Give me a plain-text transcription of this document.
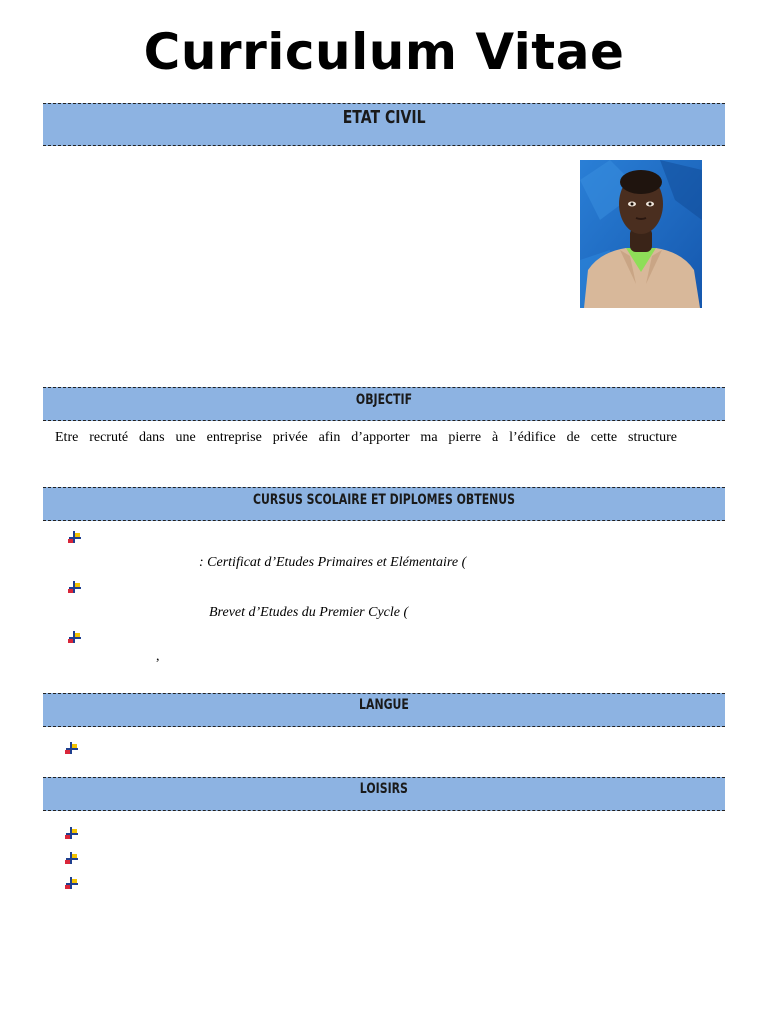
Curriculum Vitae
ETAT CIVIL
OBJECTIF
Etre recruté dans une entreprise privée afin d’apporter ma pierre à l’édifice de cette structure
CURSUS SCOLAIRE ET DIPLOMES OBTENUS
: Certificat d’Etudes Primaires et Elémentaire (
Brevet d’Etudes du Premier Cycle (
,
LANGUE
LOISIRS
